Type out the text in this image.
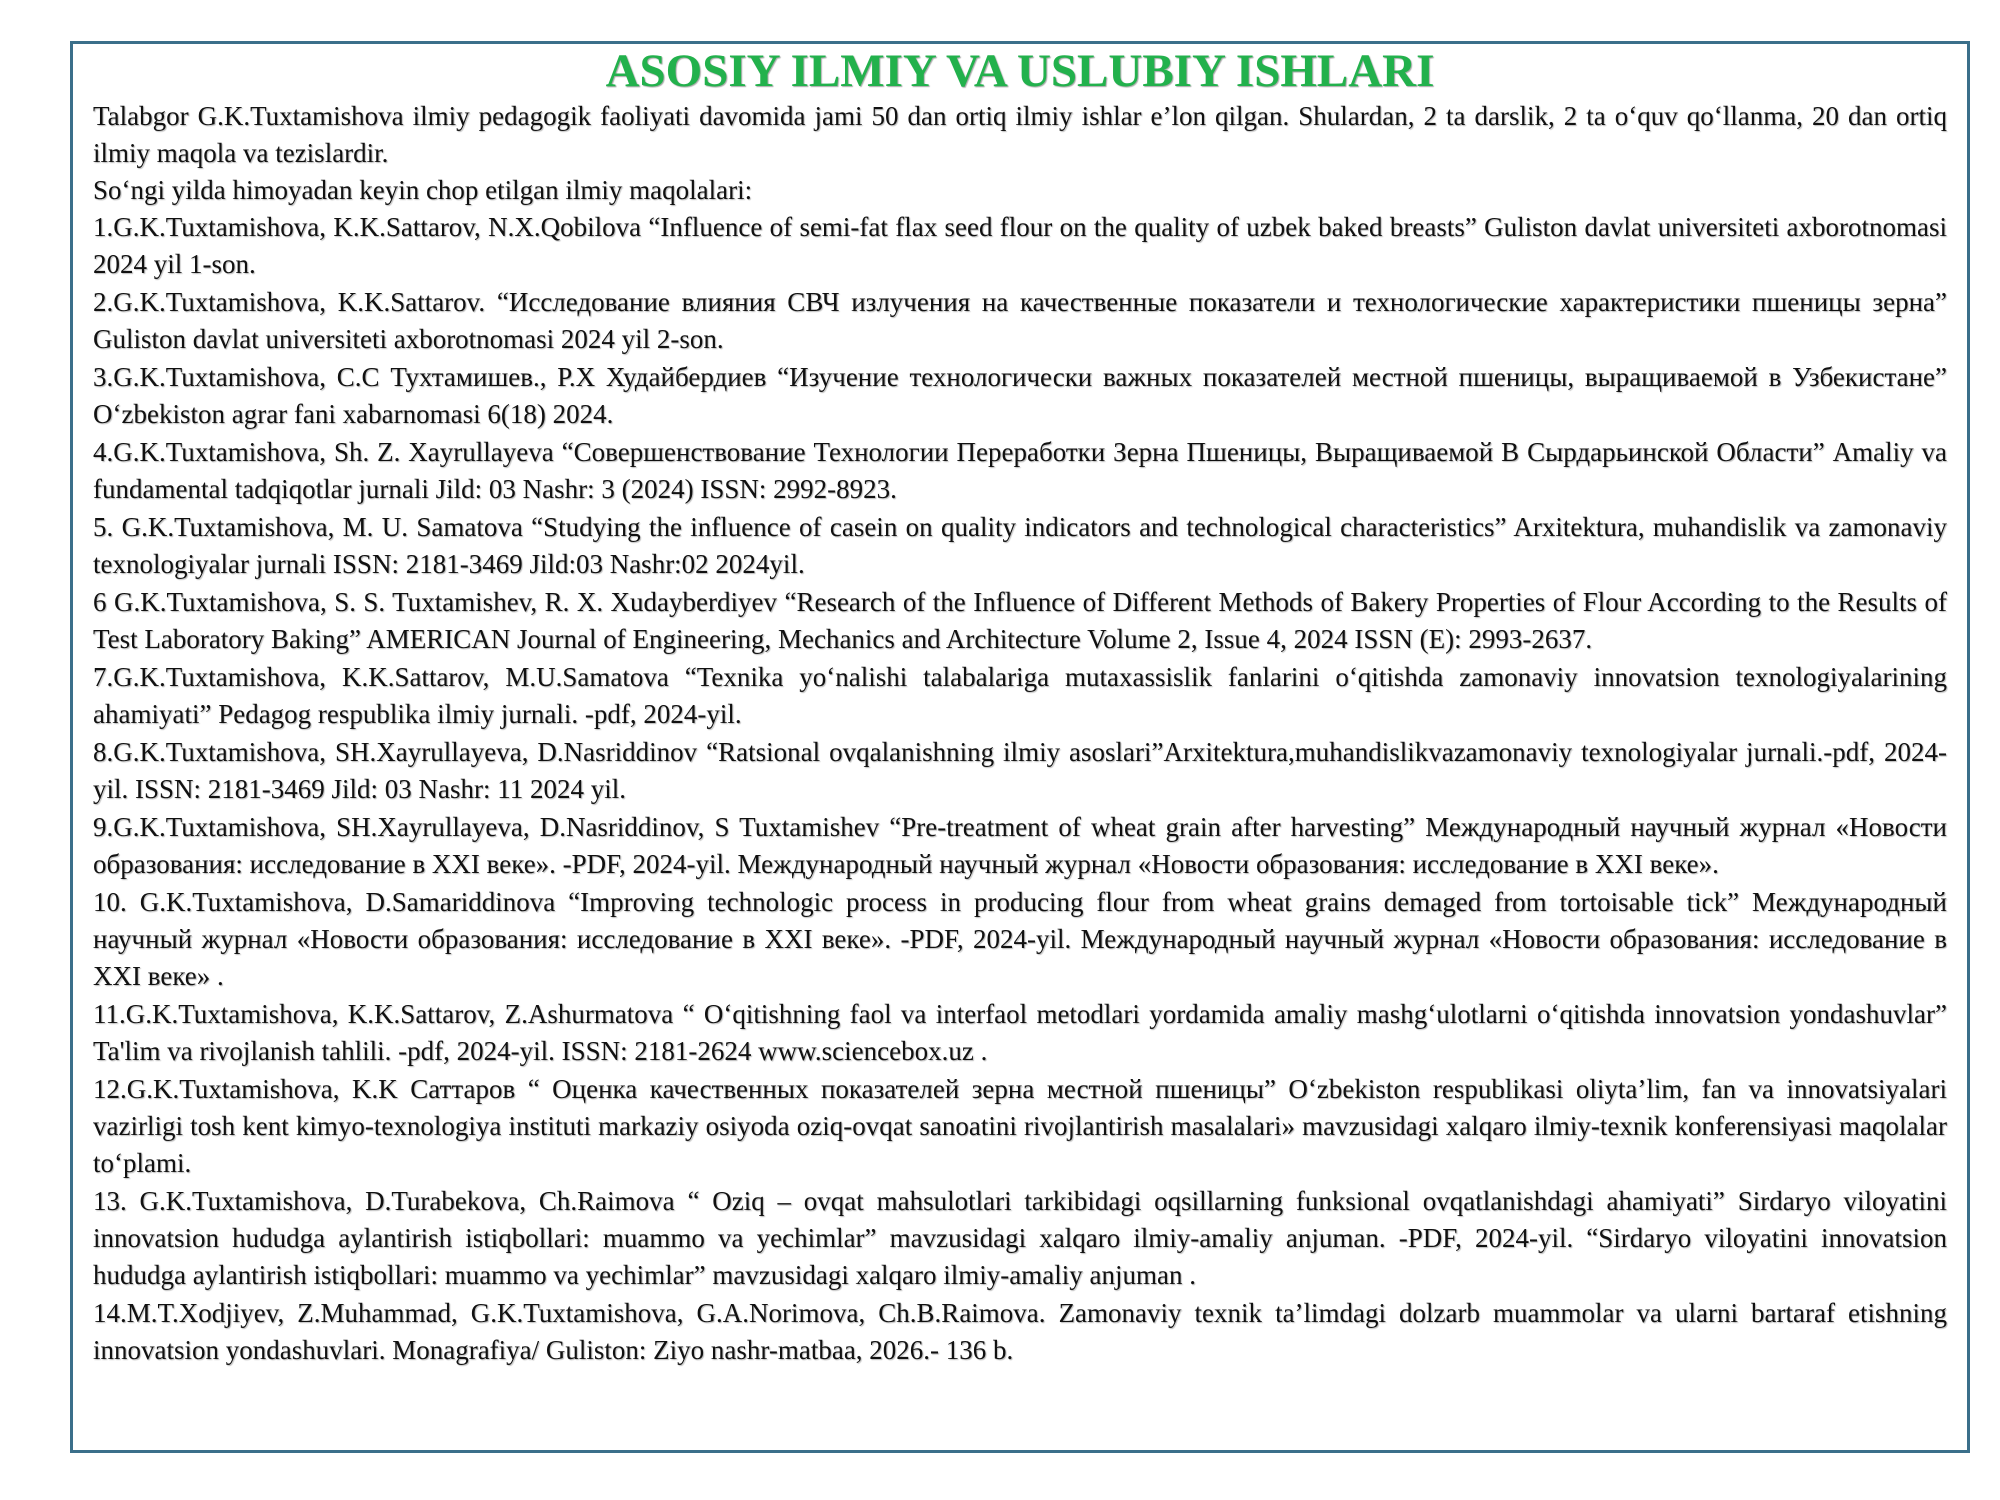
ASOSIY ILMIY VA USLUBIY ISHLARI

Talabgor G.K.Tuxtamishova ilmiy pedagogik faoliyati davomida jami 50 dan ortiq ilmiy ishlar e’lon qilgan. Shulardan, 2 ta darslik, 2 ta o‘quv qo‘llanma, 20 dan ortiq ilmiy maqola va tezislardir.

So‘ngi yilda himoyadan keyin chop etilgan ilmiy maqolalari:

1.G.K.Tuxtamishova, K.K.Sattarov, N.X.Qobilova “Influence of semi-fat flax seed flour on the quality of uzbek baked breasts” Guliston davlat universiteti axborotnomasi 2024 yil 1-son.

2.G.K.Tuxtamishova, K.K.Sattarov. “Исследование влияния СВЧ излучения на качественные показатели и технологические характеристики пшеницы зерна” Guliston davlat universiteti axborotnomasi 2024 yil 2-son.

3.G.K.Tuxtamishova, С.С Тухтамишев., Р.Х Худайбердиев “Изучение технологически важных показателей местной пшеницы, выращиваемой в Узбекистане” O‘zbekiston agrar fani xabarnomasi 6(18) 2024.

4.G.K.Tuxtamishova, Sh. Z. Xayrullayeva “Совершенствование Технологии Переработки Зерна Пшеницы, Выращиваемой В Сырдарьинской Области” Amaliy va fundamental tadqiqotlar jurnali Jild: 03 Nashr: 3 (2024) ISSN: 2992-8923.

5. G.K.Tuxtamishova, M. U. Samatova “Studying the influence of casein on quality indicators and technological characteristics” Arxitektura, muhandislik va zamonaviy texnologiyalar jurnali ISSN: 2181-3469 Jild:03 Nashr:02 2024yil.

6 G.K.Tuxtamishova, S. S. Tuxtamishev, R. X. Xudayberdiyev “Research of the Influence of Different Methods of Bakery Properties of Flour According to the Results of Test Laboratory Baking” AMERICAN Journal of Engineering, Mechanics and Architecture Volume 2, Issue 4, 2024 ISSN (E): 2993-2637.

7.G.K.Tuxtamishova, K.K.Sattarov, M.U.Samatova “Texnika yo‘nalishi talabalariga mutaxassislik fanlarini o‘qitishda zamonaviy innovatsion texnologiyalarining ahamiyati” Pedagog respublika ilmiy jurnali. -pdf, 2024-yil.

8.G.K.Tuxtamishova, SH.Xayrullayeva, D.Nasriddinov “Ratsional ovqalanishning ilmiy asoslari”Arxitektura,muhandislikvazamonaviy texnologiyalar jurnali.-pdf, 2024-yil. ISSN: 2181-3469 Jild: 03 Nashr: 11 2024 yil.

9.G.K.Tuxtamishova, SH.Xayrullayeva, D.Nasriddinov, S Tuxtamishev “Pre-treatment of wheat grain after harvesting” Международный научный журнал «Новости образования: исследование в XXI веке». -PDF, 2024-yil. Международный научный журнал «Новости образования: исследование в XXI веке».

10. G.K.Tuxtamishova, D.Samariddinova “Improving technologic process in producing flour from wheat grains demaged from tortoisable tick” Международный научный журнал «Новости образования: исследование в XXI веке». -PDF, 2024-yil. Международный научный журнал «Новости образования: исследование в XXI веке» .

11.G.K.Tuxtamishova, K.K.Sattarov, Z.Ashurmatova “ O‘qitishning faol va interfaol metodlari yordamida amaliy mashg‘ulotlarni o‘qitishda innovatsion yondashuvlar” Ta'lim va rivojlanish tahlili. -pdf, 2024-yil. ISSN: 2181-2624 www.sciencebox.uz .

12.G.K.Tuxtamishova, K.K Саттаров “ Оценка качественных показателей зерна местной пшеницы” O‘zbekiston respublikasi oliyta’lim, fan va innovatsiyalari vazirligi tosh kent kimyo-texnologiya instituti markaziy osiyoda oziq-ovqat sanoatini rivojlantirish masalalari» mavzusidagi xalqaro ilmiy-texnik konferensiyasi maqolalar to‘plami.

13. G.K.Tuxtamishova, D.Turabekova, Ch.Raimova “ Oziq – ovqat mahsulotlari tarkibidagi oqsillarning funksional ovqatlanishdagi ahamiyati” Sirdaryo viloyatini innovatsion hududga aylantirish istiqbollari: muammo va yechimlar” mavzusidagi xalqaro ilmiy-amaliy anjuman. -PDF, 2024-yil. “Sirdaryo viloyatini innovatsion hududga aylantirish istiqbollari: muammo va yechimlar” mavzusidagi xalqaro ilmiy-amaliy anjuman .

14.M.T.Xodjiyev, Z.Muhammad, G.K.Tuxtamishova, G.A.Norimova, Ch.B.Raimova. Zamonaviy texnik ta’limdagi dolzarb muammolar va ularni bartaraf etishning innovatsion yondashuvlari. Monagrafiya/ Guliston: Ziyo nashr-matbaa, 2026.- 136 b.
